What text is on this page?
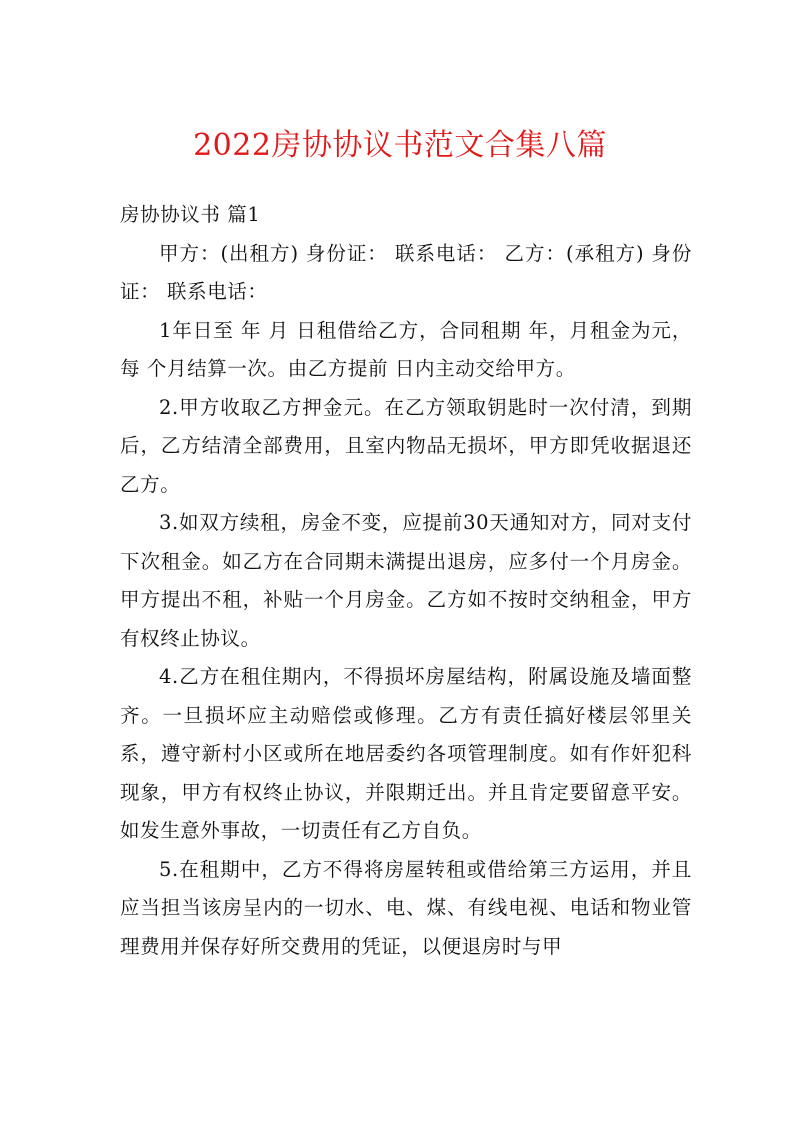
2022房协协议书范文合集八篇

房协协议书 篇1

甲方：(出租方) 身份证： 联系电话： 乙方：(承租方) 身份证： 联系电话：

1年日至 年 月 日租借给乙方，合同租期 年，月租金为元，每 个月结算一次。由乙方提前 日内主动交给甲方。

2.甲方收取乙方押金元。在乙方领取钥匙时一次付清，到期后，乙方结清全部费用，且室内物品无损坏，甲方即凭收据退还乙方。

3.如双方续租，房金不变，应提前30天通知对方，同对支付下次租金。如乙方在合同期未满提出退房，应多付一个月房金。甲方提出不租，补贴一个月房金。乙方如不按时交纳租金，甲方有权终止协议。

4.乙方在租住期内，不得损坏房屋结构，附属设施及墙面整齐。一旦损坏应主动赔偿或修理。乙方有责任搞好楼层邻里关系，遵守新村小区或所在地居委约各项管理制度。如有作奸犯科现象，甲方有权终止协议，并限期迁出。并且肯定要留意平安。如发生意外事故，一切责任有乙方自负。

5.在租期中，乙方不得将房屋转租或借给第三方运用，并且应当担当该房呈内的一切水、电、煤、有线电视、电话和物业管理费用并保存好所交费用的凭证，以便退房时与甲
